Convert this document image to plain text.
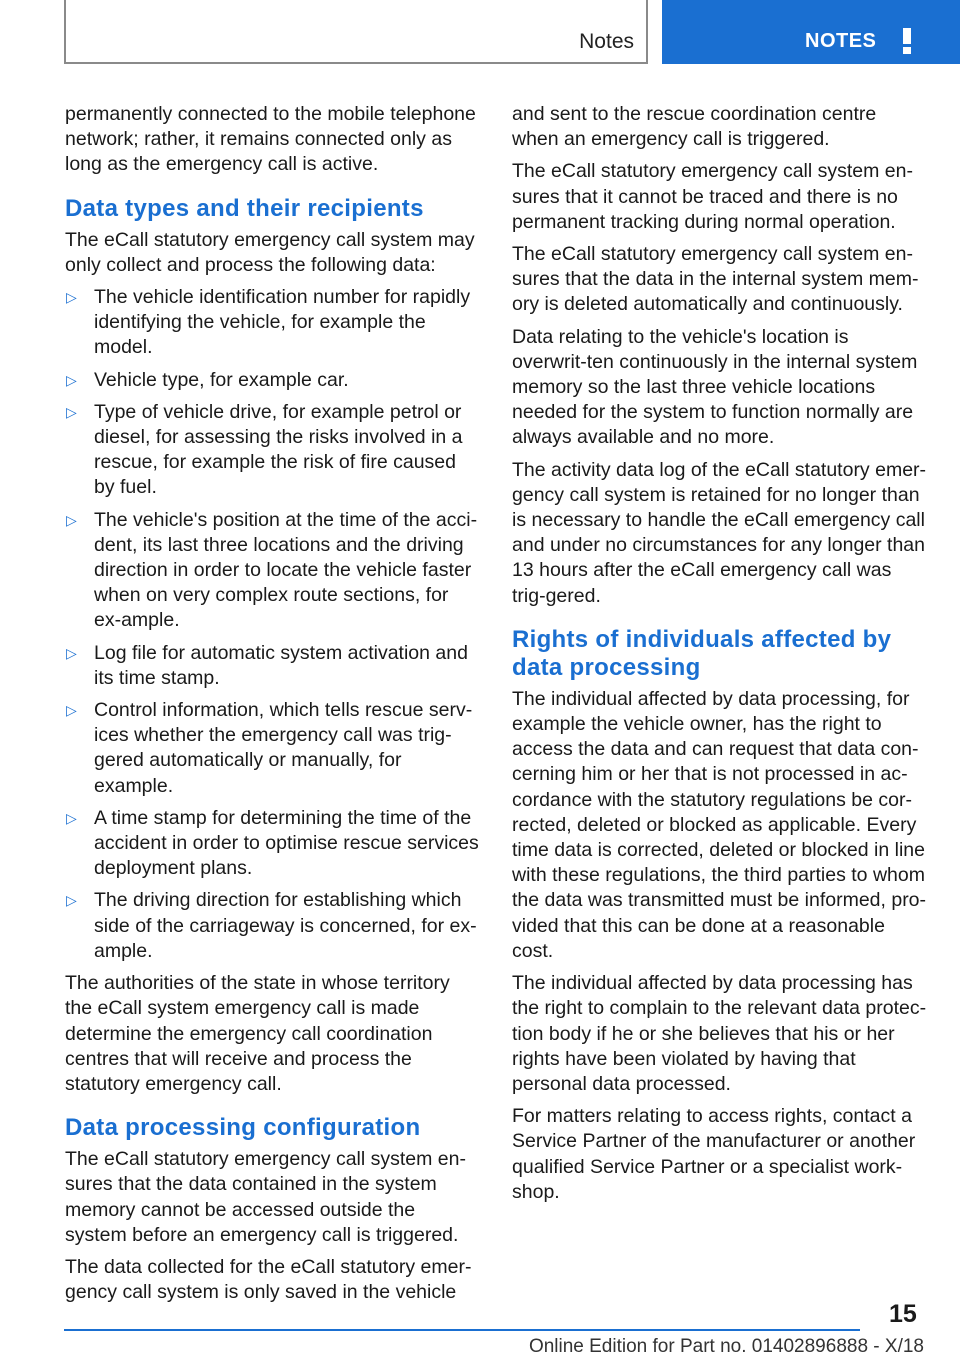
Notes	NOTES

permanently connected to the mobile telephone network; rather, it remains connected only as long as the emergency call is active.

Data types and their recipients

The eCall statutory emergency call system may only collect and process the following data:

▷ The vehicle identification number for rapidly identifying the vehicle, for example the model.
▷ Vehicle type, for example car.
▷ Type of vehicle drive, for example petrol or diesel, for assessing the risks involved in a rescue, for example the risk of fire caused by fuel.
▷ The vehicle's position at the time of the acci-dent, its last three locations and the driving direction in order to locate the vehicle faster when on very complex route sections, for ex-ample.
▷ Log file for automatic system activation and its time stamp.
▷ Control information, which tells rescue serv-ices whether the emergency call was trig-gered automatically or manually, for example.
▷ A time stamp for determining the time of the accident in order to optimise rescue services deployment plans.
▷ The driving direction for establishing which side of the carriageway is concerned, for ex-ample.

The authorities of the state in whose territory the eCall system emergency call is made determine the emergency call coordination centres that will receive and process the statutory emergency call.

Data processing configuration

The eCall statutory emergency call system en-sures that the data contained in the system memory cannot be accessed outside the system before an emergency call is triggered.

The data collected for the eCall statutory emer-gency call system is only saved in the vehicle

and sent to the rescue coordination centre when an emergency call is triggered.

The eCall statutory emergency call system en-sures that it cannot be traced and there is no permanent tracking during normal operation.

The eCall statutory emergency call system en-sures that the data in the internal system mem-ory is deleted automatically and continuously.

Data relating to the vehicle's location is overwrit-ten continuously in the internal system memory so the last three vehicle locations needed for the system to function normally are always available and no more.

The activity data log of the eCall statutory emer-gency call system is retained for no longer than is necessary to handle the eCall emergency call and under no circumstances for any longer than 13 hours after the eCall emergency call was trig-gered.

Rights of individuals affected by data processing

The individual affected by data processing, for example the vehicle owner, has the right to access the data and can request that data con-cerning him or her that is not processed in ac-cordance with the statutory regulations be cor-rected, deleted or blocked as applicable. Every time data is corrected, deleted or blocked in line with these regulations, the third parties to whom the data was transmitted must be informed, pro-vided that this can be done at a reasonable cost.

The individual affected by data processing has the right to complain to the relevant data protec-tion body if he or she believes that his or her rights have been violated by having that personal data processed.

For matters relating to access rights, contact a Service Partner of the manufacturer or another qualified Service Partner or a specialist work-shop.

15
Online Edition for Part no. 01402896888 - X/18
